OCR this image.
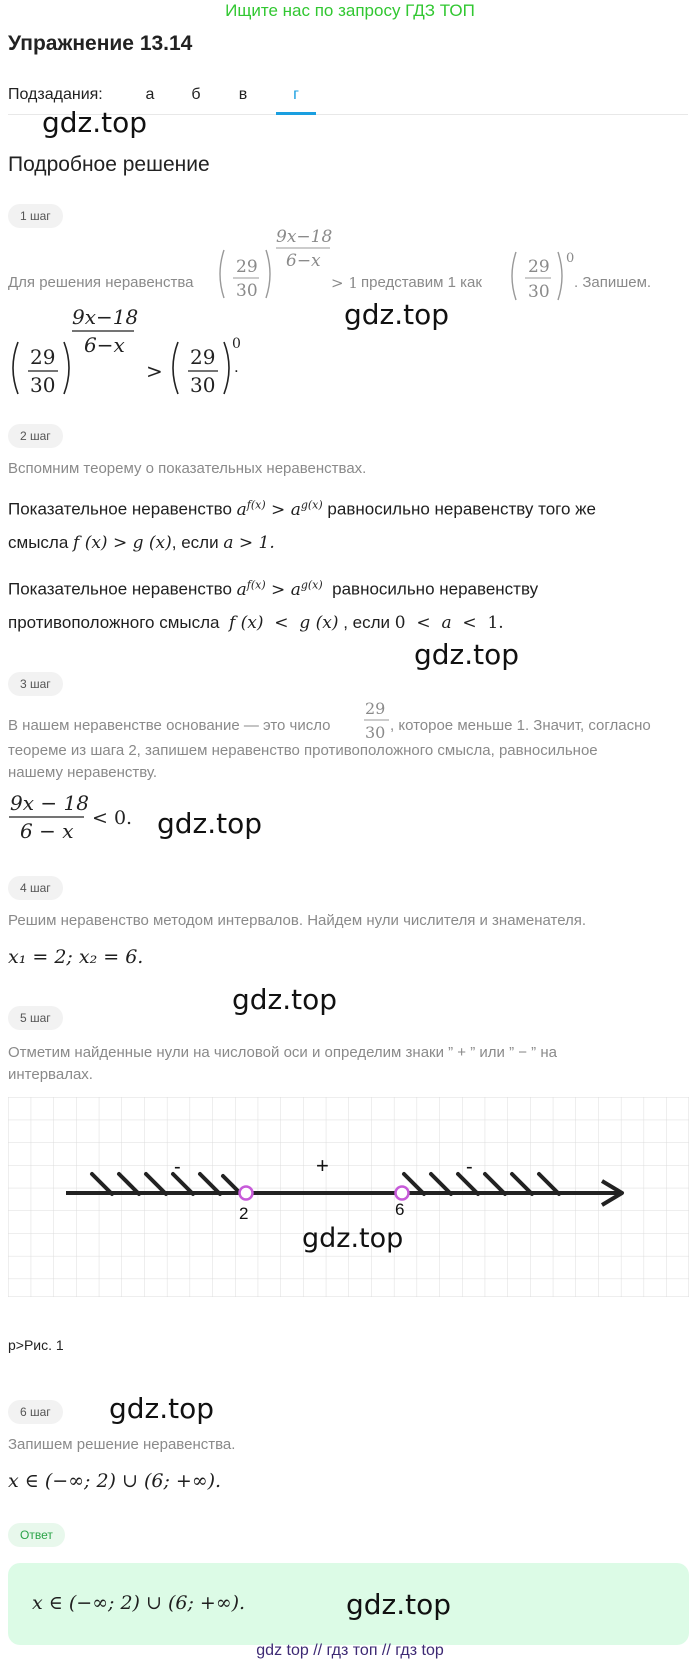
Ищите нас по запросу ГДЗ ТОП
Упражнение 13.14
Подзадания:	а	б	в	г
gdz.top
Подробное решение
1 шаг
Для решения неравенства
29
30
9x−18
6−x
> 1 представим 1 как
29
30
0
. Запишем.
gdz.top
29
30
9x−18
6−x
>
29
30
0
.
2 шаг
Вспомним теорему о показательных неравенствах.
Показательное неравенство $a^{f(x)} > a^{g(x)}$ равносильно неравенству того же
смысла f (x) > g (x), если a > 1.
Показательное неравенство $a^{f(x)} > a^{g(x)}$ равносильно неравенству
противоположного смысла f (x)  <  g (x) , если 0  <  a  <  1.
gdz.top
3 шаг
В нашем неравенстве основание — это число
29
30 , которое меньше 1. Значит, согласно
теореме из шага 2, запишем неравенство противоположного смысла, равносильное
нашему неравенству.
9x − 18
6 − x
< 0. gdz.top
4 шаг
Решим неравенство методом интервалов. Найдем нули числителя и знаменателя.
x₁ = 2; x₂ = 6.
gdz.top
5 шаг
Отметим найденные нули на числовой оси и определим знаки ” + ” или ” − ” на
интервалах.
2	6
-	+	-
gdz.top
p>Рис. 1
6 шаг	gdz.top
Запишем решение неравенства.
x ∈ (−∞; 2) ∪ (6; +∞).
Ответ
x ∈ (−∞; 2) ∪ (6; +∞).	gdz.top
gdz top // гдз топ // гдз top
